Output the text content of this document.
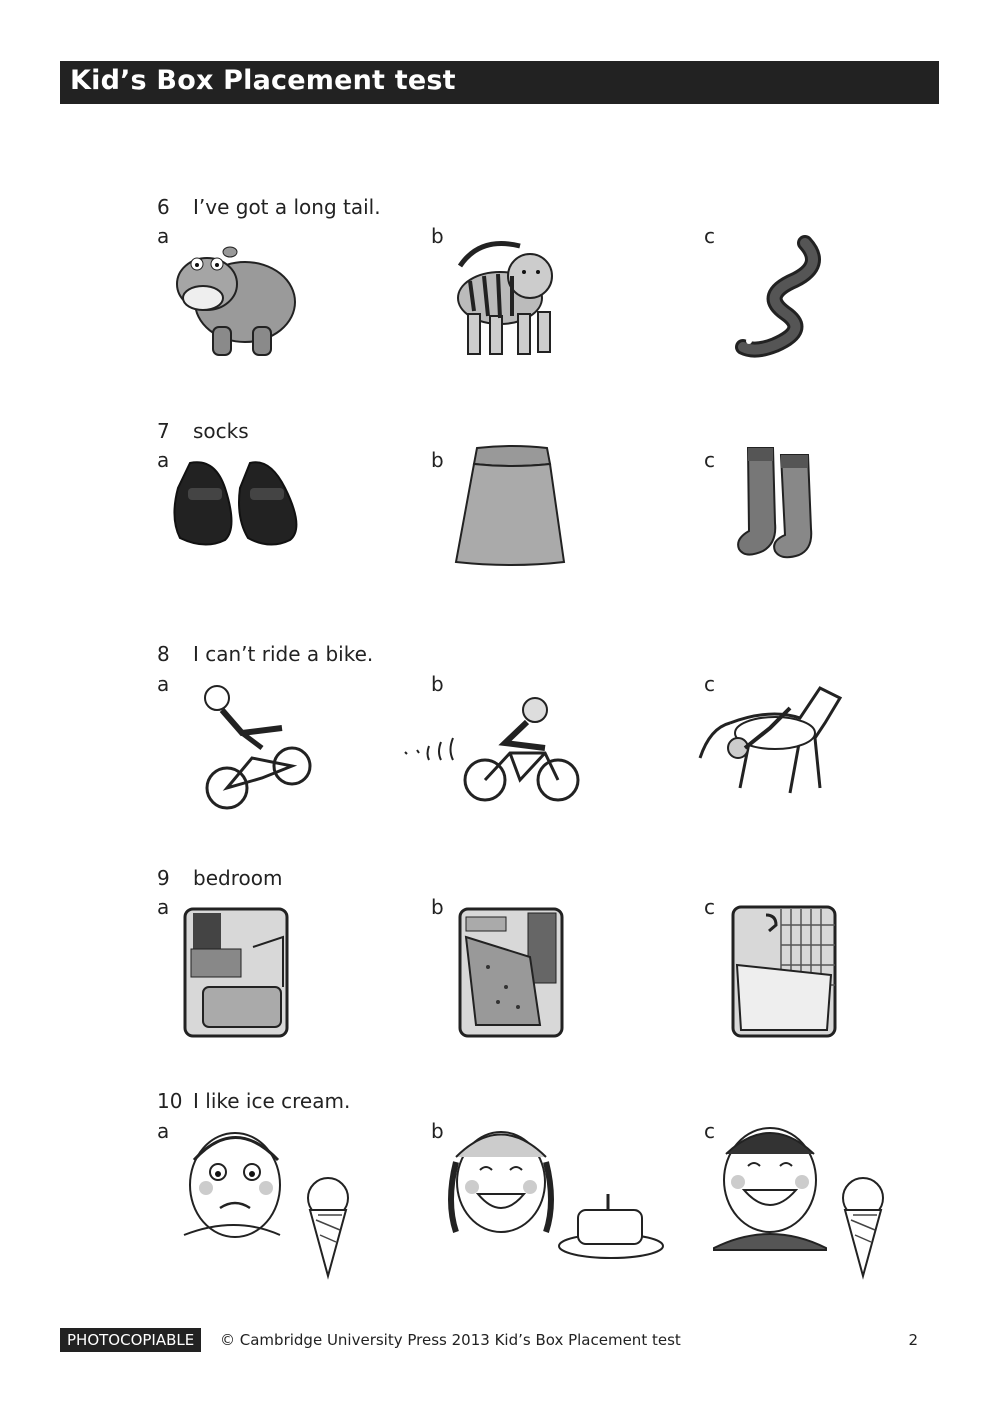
Kid’s Box Placement test
6 I’ve got a long tail.
a	b	c
7 socks
a	b	c
8 I can’t ride a bike.
a	b	c
9 bedroom
a	b	c
10 I like ice cream.
a	b	c
PHOTOCOPIABLE	© Cambridge University Press 2013 Kid’s Box Placement test	2
